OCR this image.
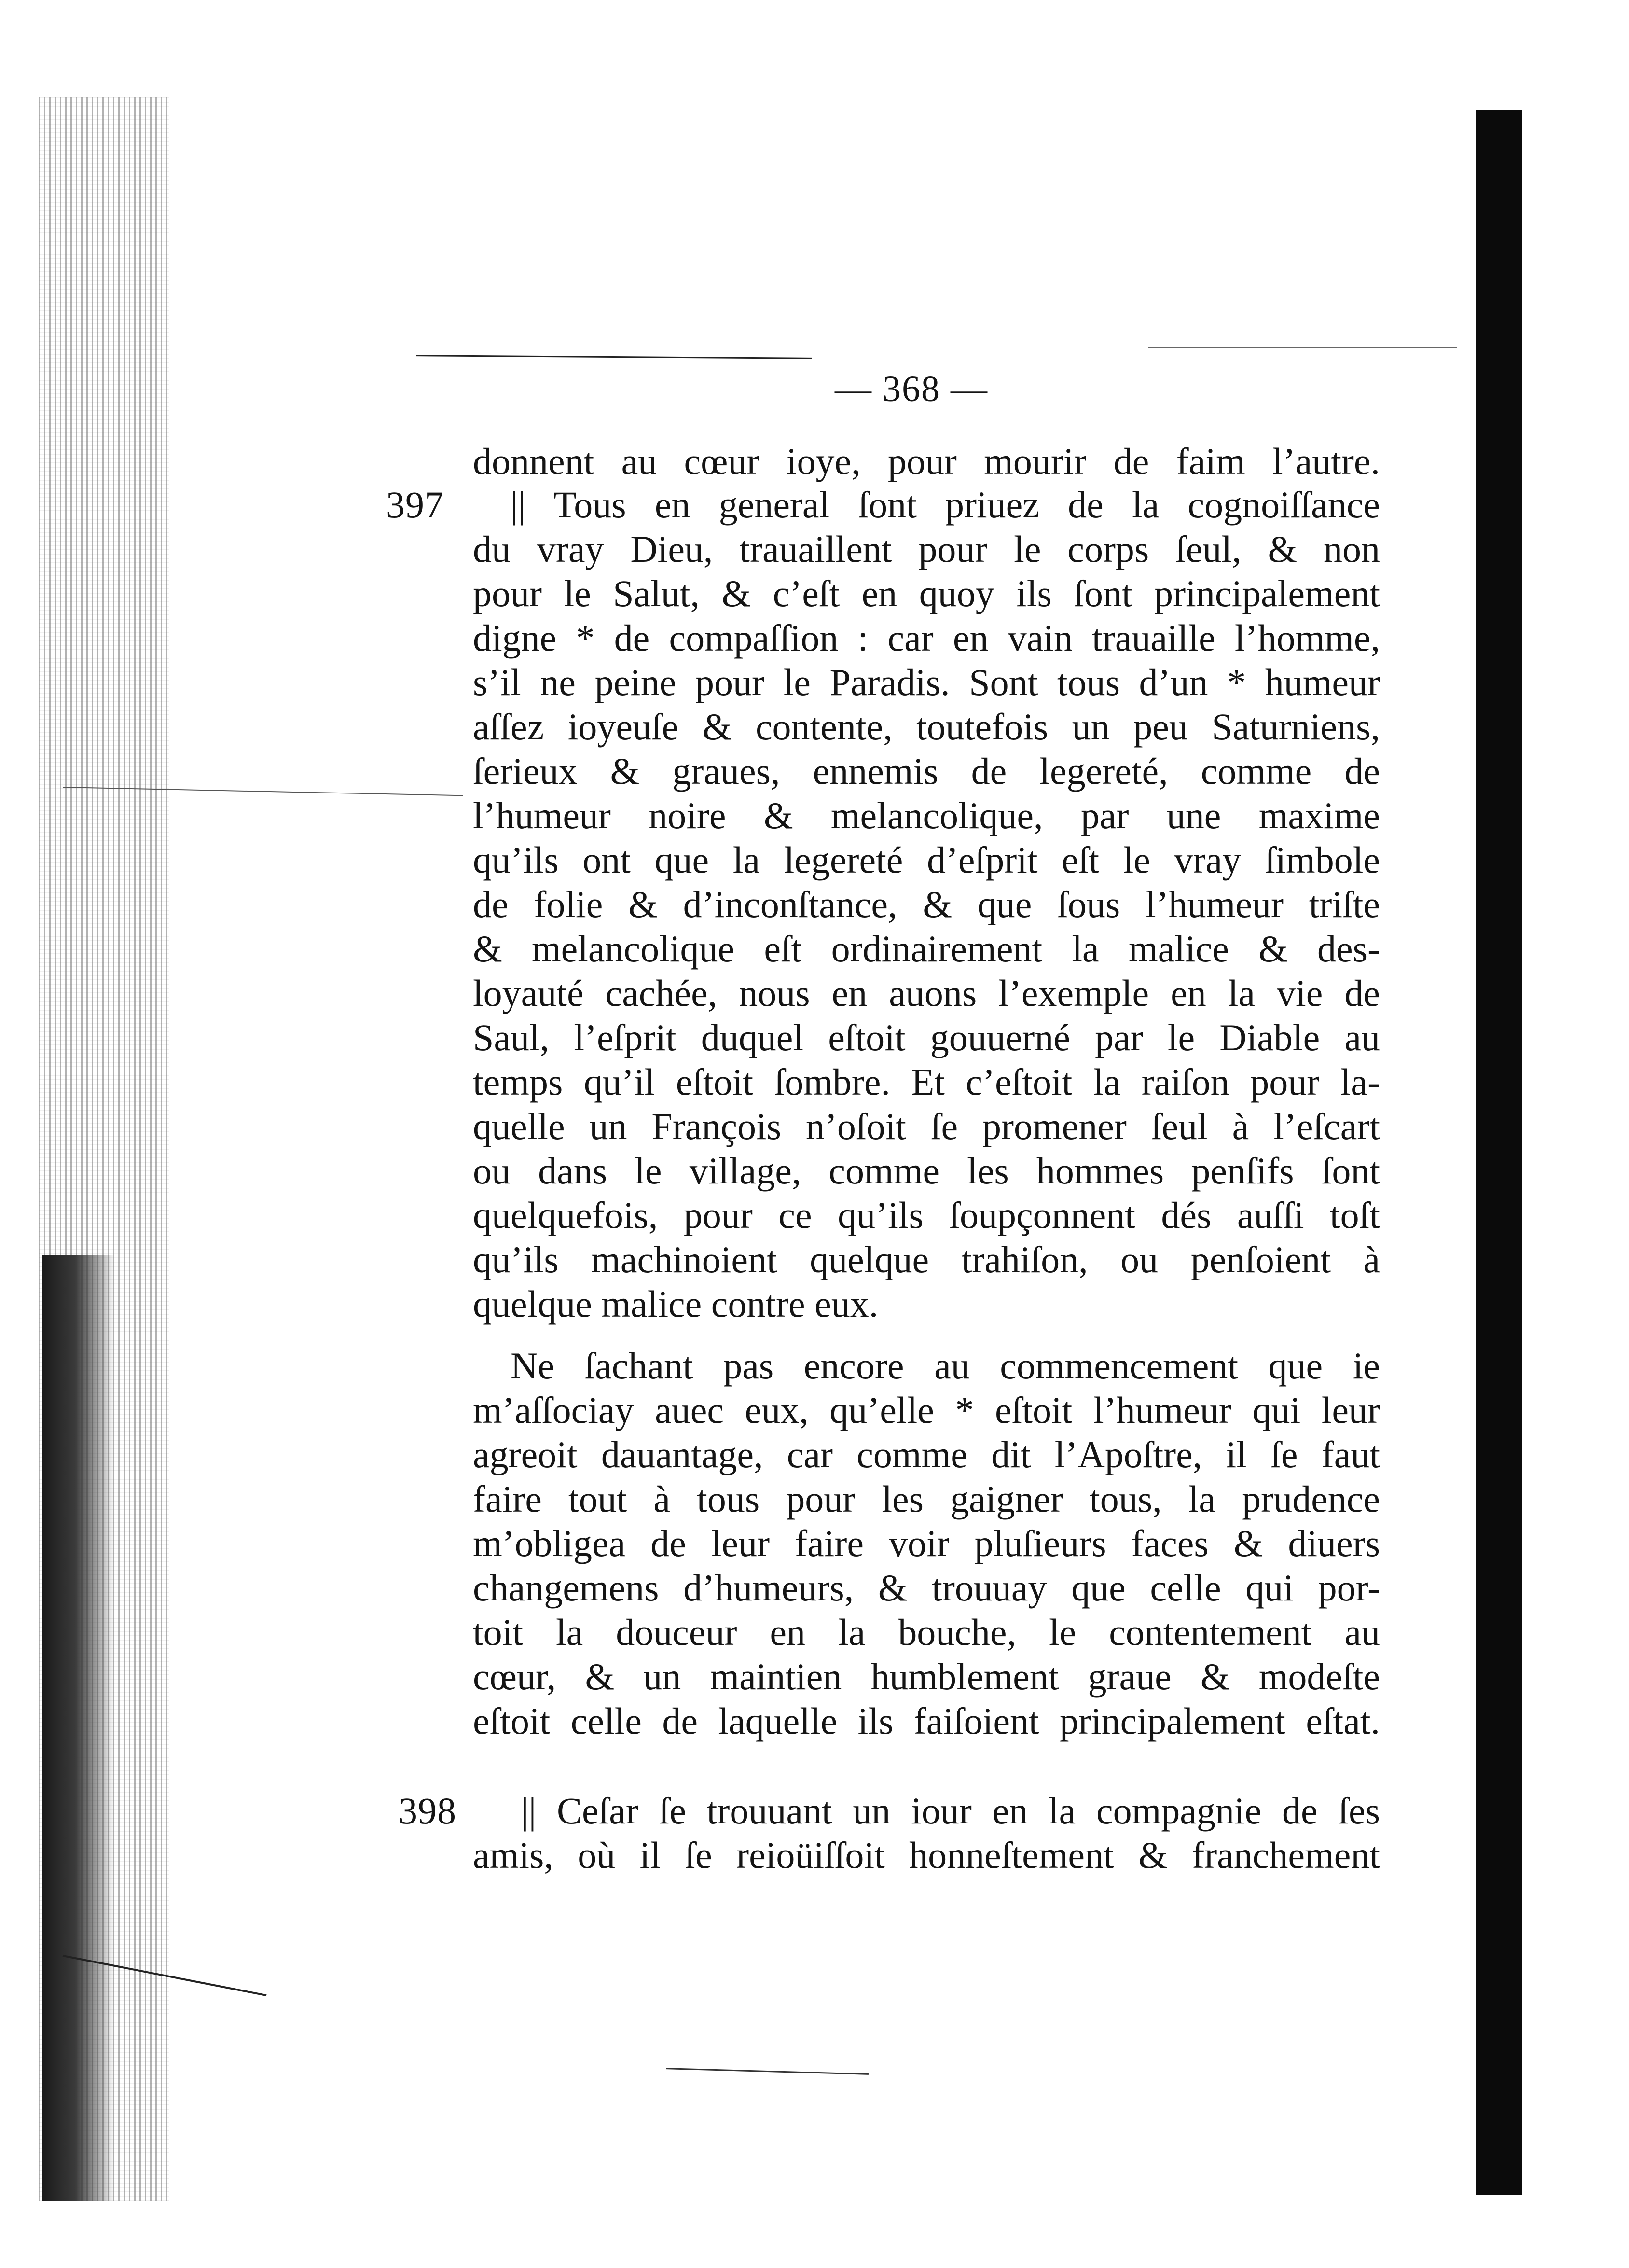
— 368 —
397
398
donnent au cœur ioye, pour mourir de faim l’autre.
|| Tous en general ſont priuez de la cognoiſſance
du vray Dieu, trauaillent pour le corps ſeul, & non
pour le Salut, & c’eſt en quoy ils ſont principalement
digne * de compaſſion : car en vain trauaille l’homme,
s’il ne peine pour le Paradis. Sont tous d’un * humeur
aſſez ioyeuſe & contente, toutefois un peu Saturniens,
ſerieux & graues, ennemis de legereté, comme de
l’humeur noire & melancolique, par une maxime
qu’ils ont que la legereté d’eſprit eſt le vray ſimbole
de folie & d’inconſtance, & que ſous l’humeur triſte
& melancolique eſt ordinairement la malice & des-
loyauté cachée, nous en auons l’exemple en la vie de
Saul, l’eſprit duquel eſtoit gouuerné par le Diable au
temps qu’il eſtoit ſombre. Et c’eſtoit la raiſon pour la-
quelle un François n’oſoit ſe promener ſeul à l’eſcart
ou dans le village, comme les hommes penſifs ſont
quelquefois, pour ce qu’ils ſoupçonnent dés auſſi toſt
qu’ils machinoient quelque trahiſon, ou penſoient à
quelque malice contre eux.
Ne ſachant pas encore au commencement que ie
m’aſſociay auec eux, qu’elle * eſtoit l’humeur qui leur
agreoit dauantage, car comme dit l’Apoſtre, il ſe faut
faire tout à tous pour les gaigner tous, la prudence
m’obligea de leur faire voir pluſieurs faces & diuers
changemens d’humeurs, & trouuay que celle qui por-
toit la douceur en la bouche, le contentement au
cœur, & un maintien humblement graue & modeſte
eſtoit celle de laquelle ils faiſoient principalement eſtat.
|| Ceſar ſe trouuant un iour en la compagnie de ſes
amis, où il ſe reioüiſſoit honneſtement & franchement
